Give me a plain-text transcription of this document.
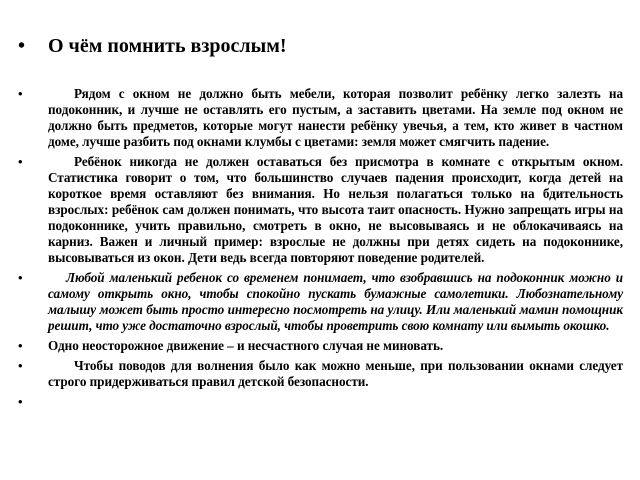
•	О чём помнить взрослым!
•	Рядом с окном не должно быть мебели, которая позволит ребёнку легко залезть на подоконник, и лучше не оставлять его пустым, а заставить цветами. На земле под окном не должно быть предметов, которые могут нанести ребёнку увечья, а тем, кто живет в частном доме, лучше разбить под окнами клумбы с цветами: земля может смягчить падение.
•	Ребёнок никогда не должен оставаться без присмотра в комнате с открытым окном. Статистика говорит о том, что большинство случаев падения происходит, когда детей на короткое время оставляют без внимания. Но нельзя полагаться только на бдительность взрослых: ребёнок сам должен понимать, что высота таит опасность. Нужно запрещать игры на подоконнике, учить правильно, смотреть в окно, не высовываясь и не облокачиваясь на карниз. Важен и личный пример: взрослые не должны при детях сидеть на подоконнике, высовываться из окон. Дети ведь всегда повторяют поведение родителей.
•	Любой маленький ребенок со временем понимает, что взобравшись на подоконник можно и самому открыть окно, чтобы спокойно пускать бумажные самолетики. Любознательному малышу может быть просто интересно посмотреть на улицу. Или маленький мамин помощник решит, что уже достаточно взрослый, чтобы проветрить свою комнату или вымыть окошко.
•	Одно неосторожное движение – и несчастного случая не миновать.
•	Чтобы поводов для волнения было как можно меньше, при пользовании окнами следует строго придерживаться правил детской безопасности.
•
